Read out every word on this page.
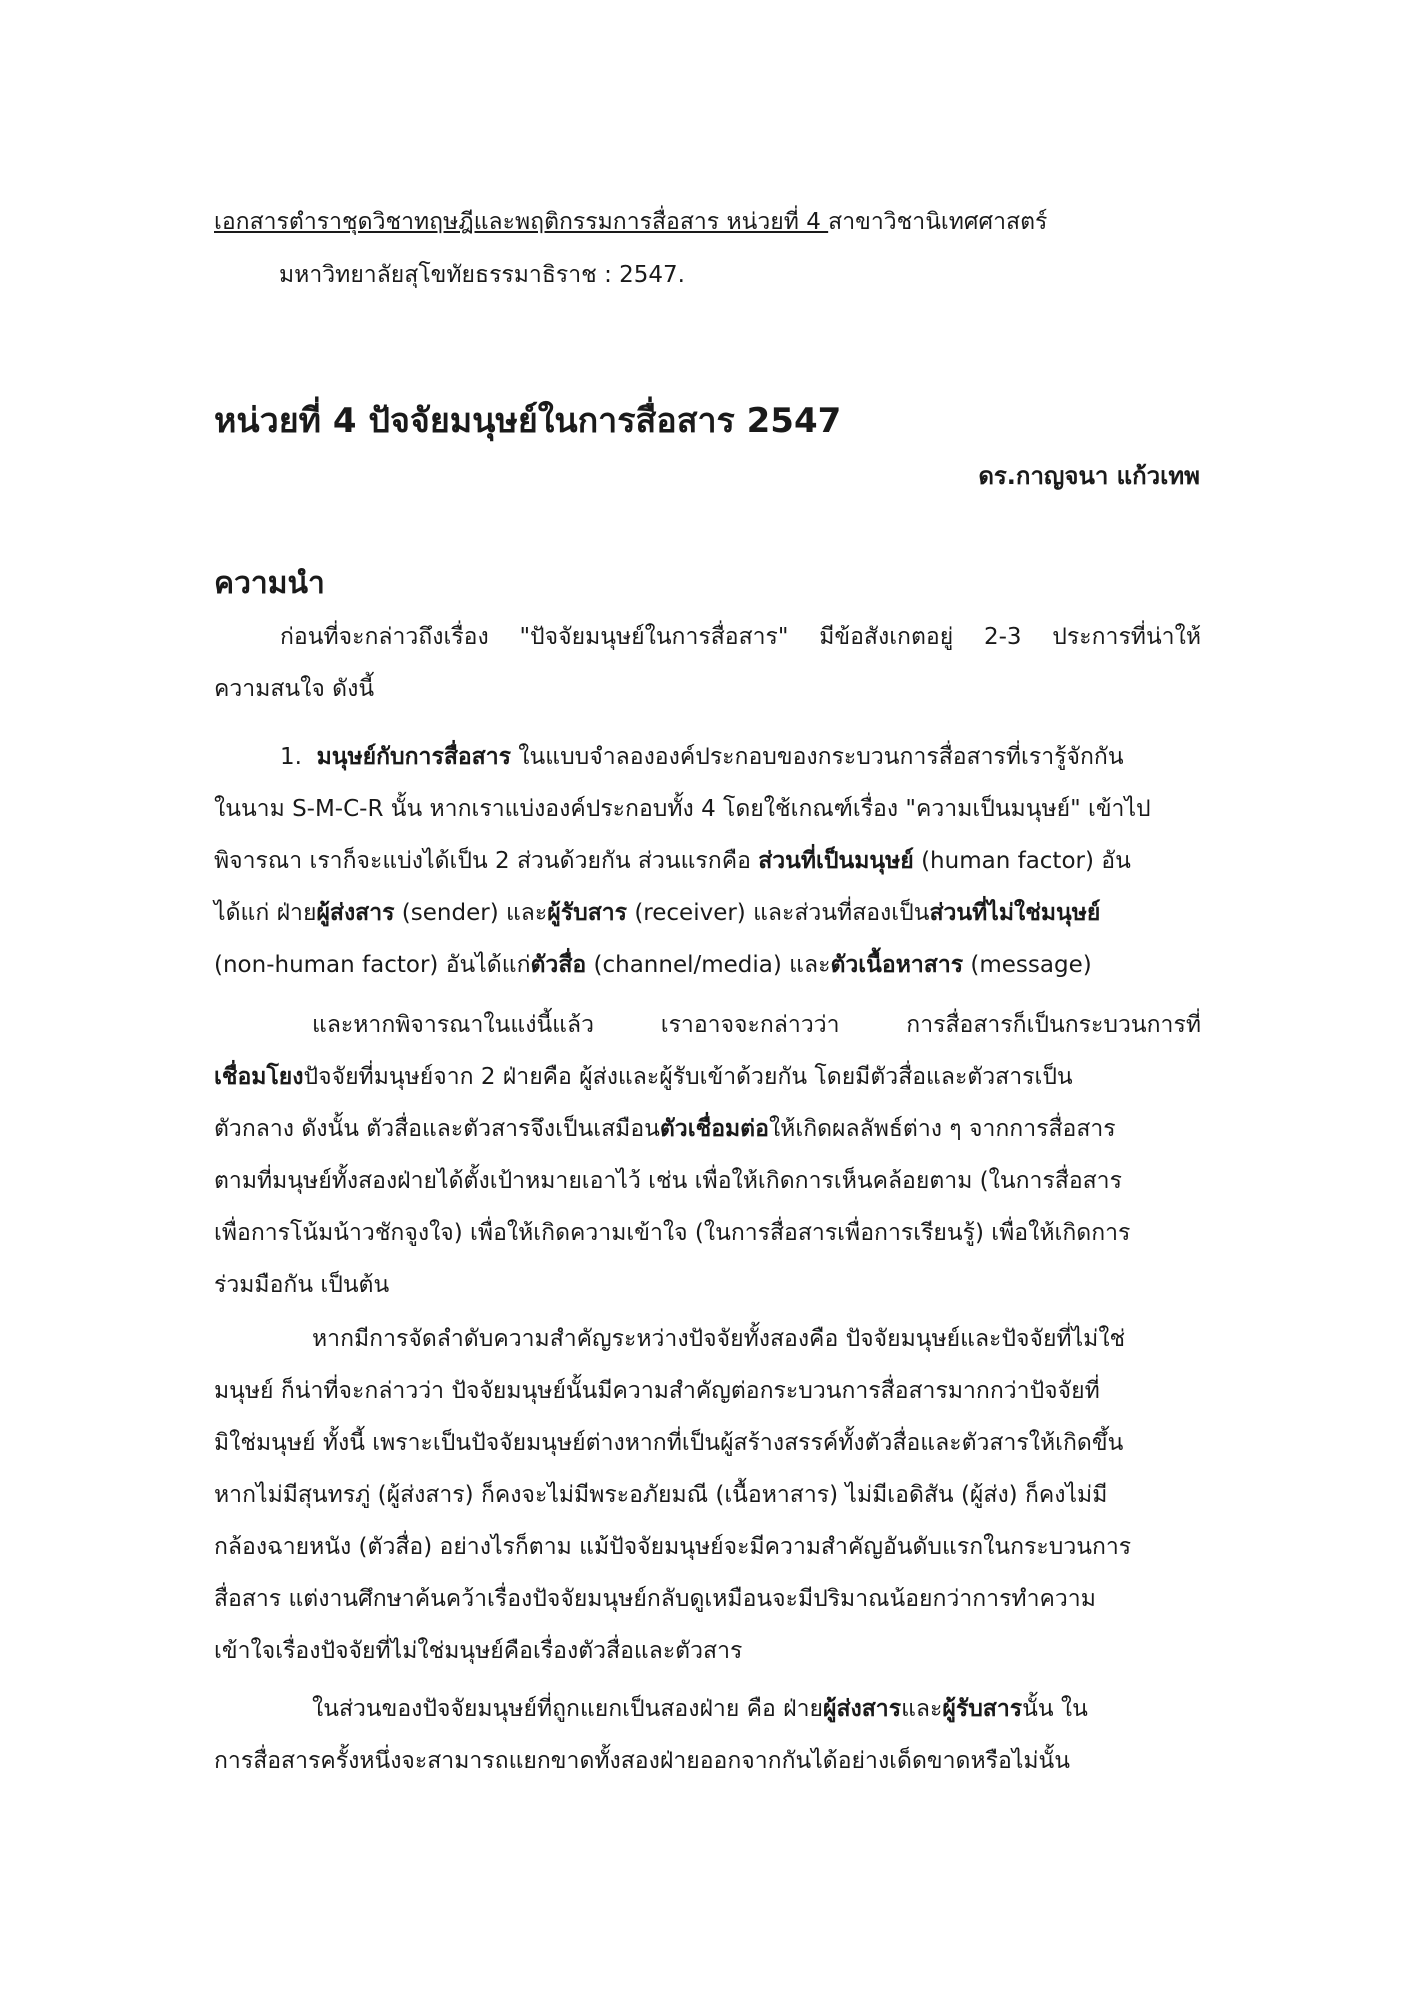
เอกสารตำราชุดวิชาทฤษฎีและพฤติกรรมการสื่อสาร หน่วยที่ 4 สาขาวิชานิเทศศาสตร์
มหาวิทยาลัยสุโขทัยธรรมาธิราช : 2547.
หน่วยที่ 4 ปัจจัยมนุษย์ในการสื่อสาร 2547
ดร.กาญจนา แก้วเทพ
ความนำ
ก่อนที่จะกล่าวถึงเรื่อง "ปัจจัยมนุษย์ในการสื่อสาร" มีข้อสังเกตอยู่ 2-3 ประการที่น่าให้
ความสนใจ ดังนี้
1. มนุษย์กับการสื่อสาร ในแบบจำลององค์ประกอบของกระบวนการสื่อสารที่เรารู้จักกัน
ในนาม S-M-C-R นั้น หากเราแบ่งองค์ประกอบทั้ง 4 โดยใช้เกณฑ์เรื่อง "ความเป็นมนุษย์" เข้าไป
พิจารณา เราก็จะแบ่งได้เป็น 2 ส่วนด้วยกัน ส่วนแรกคือ ส่วนที่เป็นมนุษย์ (human factor) อัน
ได้แก่ ฝ่ายผู้ส่งสาร (sender) และผู้รับสาร (receiver) และส่วนที่สองเป็นส่วนที่ไม่ใช่มนุษย์
(non-human factor) อันได้แก่ตัวสื่อ (channel/media) และตัวเนื้อหาสาร (message)
และหากพิจารณาในแง่นี้แล้ว	เราอาจจะกล่าวว่า	การสื่อสารก็เป็นกระบวนการที่
เชื่อมโยงปัจจัยที่มนุษย์จาก 2 ฝ่ายคือ ผู้ส่งและผู้รับเข้าด้วยกัน โดยมีตัวสื่อและตัวสารเป็น
ตัวกลาง ดังนั้น ตัวสื่อและตัวสารจึงเป็นเสมือนตัวเชื่อมต่อให้เกิดผลลัพธ์ต่าง ๆ จากการสื่อสาร
ตามที่มนุษย์ทั้งสองฝ่ายได้ตั้งเป้าหมายเอาไว้ เช่น เพื่อให้เกิดการเห็นคล้อยตาม (ในการสื่อสาร
เพื่อการโน้มน้าวชักจูงใจ) เพื่อให้เกิดความเข้าใจ (ในการสื่อสารเพื่อการเรียนรู้) เพื่อให้เกิดการ
ร่วมมือกัน เป็นต้น
หากมีการจัดลำดับความสำคัญระหว่างปัจจัยทั้งสองคือ ปัจจัยมนุษย์และปัจจัยที่ไม่ใช่
มนุษย์ ก็น่าที่จะกล่าวว่า ปัจจัยมนุษย์นั้นมีความสำคัญต่อกระบวนการสื่อสารมากกว่าปัจจัยที่
มิใช่มนุษย์ ทั้งนี้ เพราะเป็นปัจจัยมนุษย์ต่างหากที่เป็นผู้สร้างสรรค์ทั้งตัวสื่อและตัวสารให้เกิดขึ้น
หากไม่มีสุนทรภู่ (ผู้ส่งสาร) ก็คงจะไม่มีพระอภัยมณี (เนื้อหาสาร) ไม่มีเอดิสัน (ผู้ส่ง) ก็คงไม่มี
กล้องฉายหนัง (ตัวสื่อ) อย่างไรก็ตาม แม้ปัจจัยมนุษย์จะมีความสำคัญอันดับแรกในกระบวนการ
สื่อสาร แต่งานศึกษาค้นคว้าเรื่องปัจจัยมนุษย์กลับดูเหมือนจะมีปริมาณน้อยกว่าการทำความ
เข้าใจเรื่องปัจจัยที่ไม่ใช่มนุษย์คือเรื่องตัวสื่อและตัวสาร
ในส่วนของปัจจัยมนุษย์ที่ถูกแยกเป็นสองฝ่าย คือ ฝ่ายผู้ส่งสารและผู้รับสารนั้น ใน
การสื่อสารครั้งหนึ่งจะสามารถแยกขาดทั้งสองฝ่ายออกจากกันได้อย่างเด็ดขาดหรือไม่นั้น
